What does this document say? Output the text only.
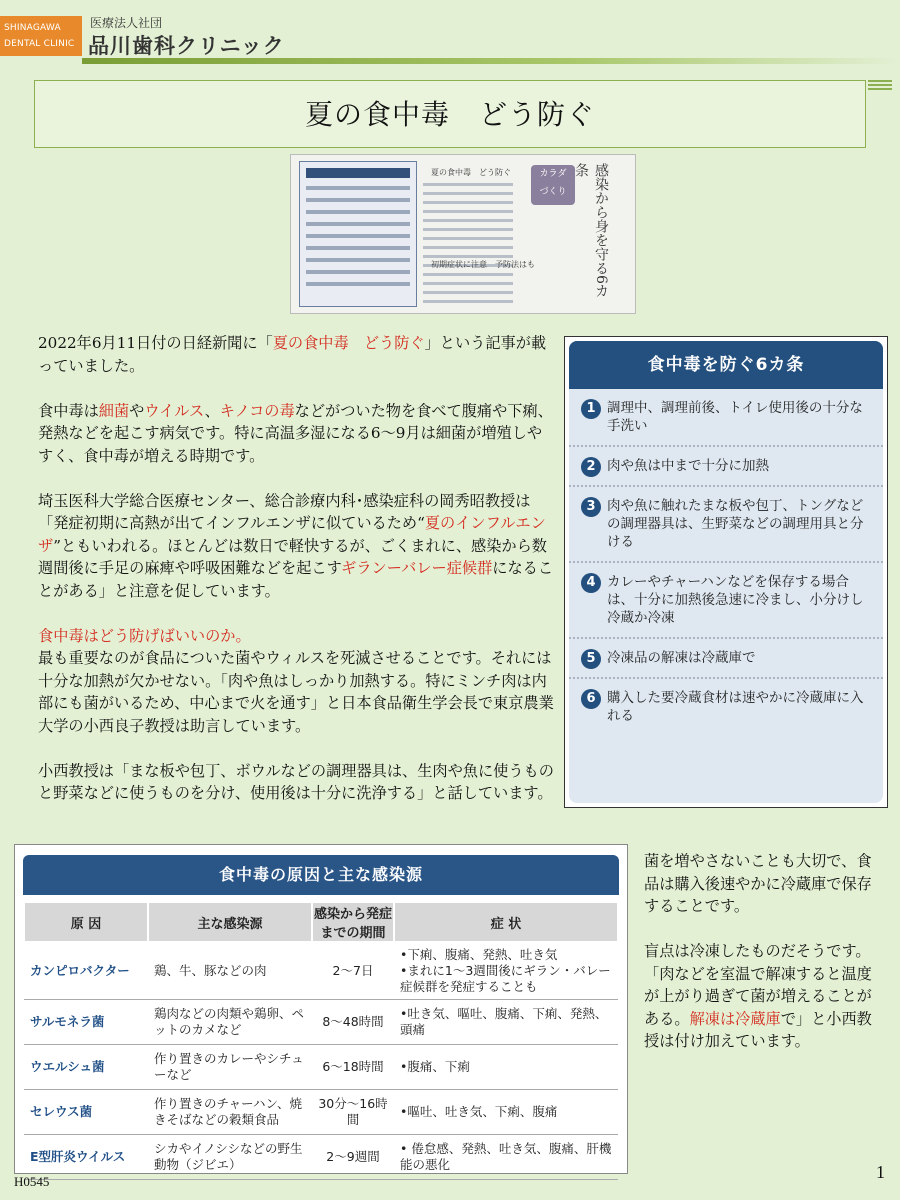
SHINAGAWA
DENTAL CLINIC
医療法人社団
品川歯科クリニック
夏の食中毒　どう防ぐ
夏の食中毒　どう防ぐ
初期症状に注意　予防法はも
カラダ
づくり	感染から身を守る6カ条

2022年6月11日付の日経新聞に「夏の食中毒　どう防ぐ」という記事が載っていました。

食中毒は細菌やウイルス、キノコの毒などがついた物を食べて腹痛や下痢、発熱などを起こす病気です。特に高温多湿になる6～9月は細菌が増殖しやすく、食中毒が増える時期です。

埼玉医科大学総合医療センター、総合診療内科･感染症科の岡秀昭教授は「発症初期に高熱が出てインフルエンザに似ているため“夏のインフルエンザ”ともいわれる。ほとんどは数日で軽快するが、ごくまれに、感染から数週間後に手足の麻痺や呼吸困難などを起こすギランーバレー症候群になることがある」と注意を促しています。

食中毒はどう防げばいいのか。
最も重要なのが食品についた菌やウィルスを死滅させることです。それには十分な加熱が欠かせない。「肉や魚はしっかり加熱する。特にミンチ肉は内部にも菌がいるため、中心まで火を通す」と日本食品衛生学会長で東京農業大学の小西良子教授は助言しています。

小西教授は「まな板や包丁、ボウルなどの調理器具は、生肉や魚に使うものと野菜などに使うものを分け、使用後は十分に洗浄する」と話しています。

食中毒を防ぐ6カ条
1 調理中、調理前後、トイレ使用後の十分な手洗い
2 肉や魚は中まで十分に加熱
3 肉や魚に触れたまな板や包丁、トングなどの調理器具は、生野菜などの調理用具と分ける
4 カレーやチャーハンなどを保存する場合は、十分に加熱後急速に冷まし、小分けし冷蔵か冷凍
5 冷凍品の解凍は冷蔵庫で
6 購入した要冷蔵食材は速やかに冷蔵庫に入れる
食中毒の原因と主な感染源
原 因	主な感染源	感染から発症までの期間	症 状
カンピロバクター	鶏、牛、豚などの肉	2～7日	•下痢、腹痛、発熱、吐き気
•まれに1～3週間後にギラン・バレー症候群を発症することも
サルモネラ菌	鶏肉などの肉類や鶏卵、ペットのカメなど	8～48時間	•吐き気、嘔吐、腹痛、下痢、発熱、頭痛
ウエルシュ菌	作り置きのカレーやシチューなど	6～18時間	•腹痛、下痢
セレウス菌	作り置きのチャーハン、焼きそばなどの穀類食品	30分～16時間	•嘔吐、吐き気、下痢、腹痛
E型肝炎ウイルス	シカやイノシシなどの野生動物（ジビエ）	2～9週間	• 倦怠感、発熱、吐き気、腹痛、肝機能の悪化

菌を増やさないことも大切で、食品は購入後速やかに冷蔵庫で保存することです。

盲点は冷凍したものだそうです。「肉などを室温で解凍すると温度が上がり過ぎて菌が増えることがある。解凍は冷蔵庫で」と小西教授は付け加えています。

H0545	1
